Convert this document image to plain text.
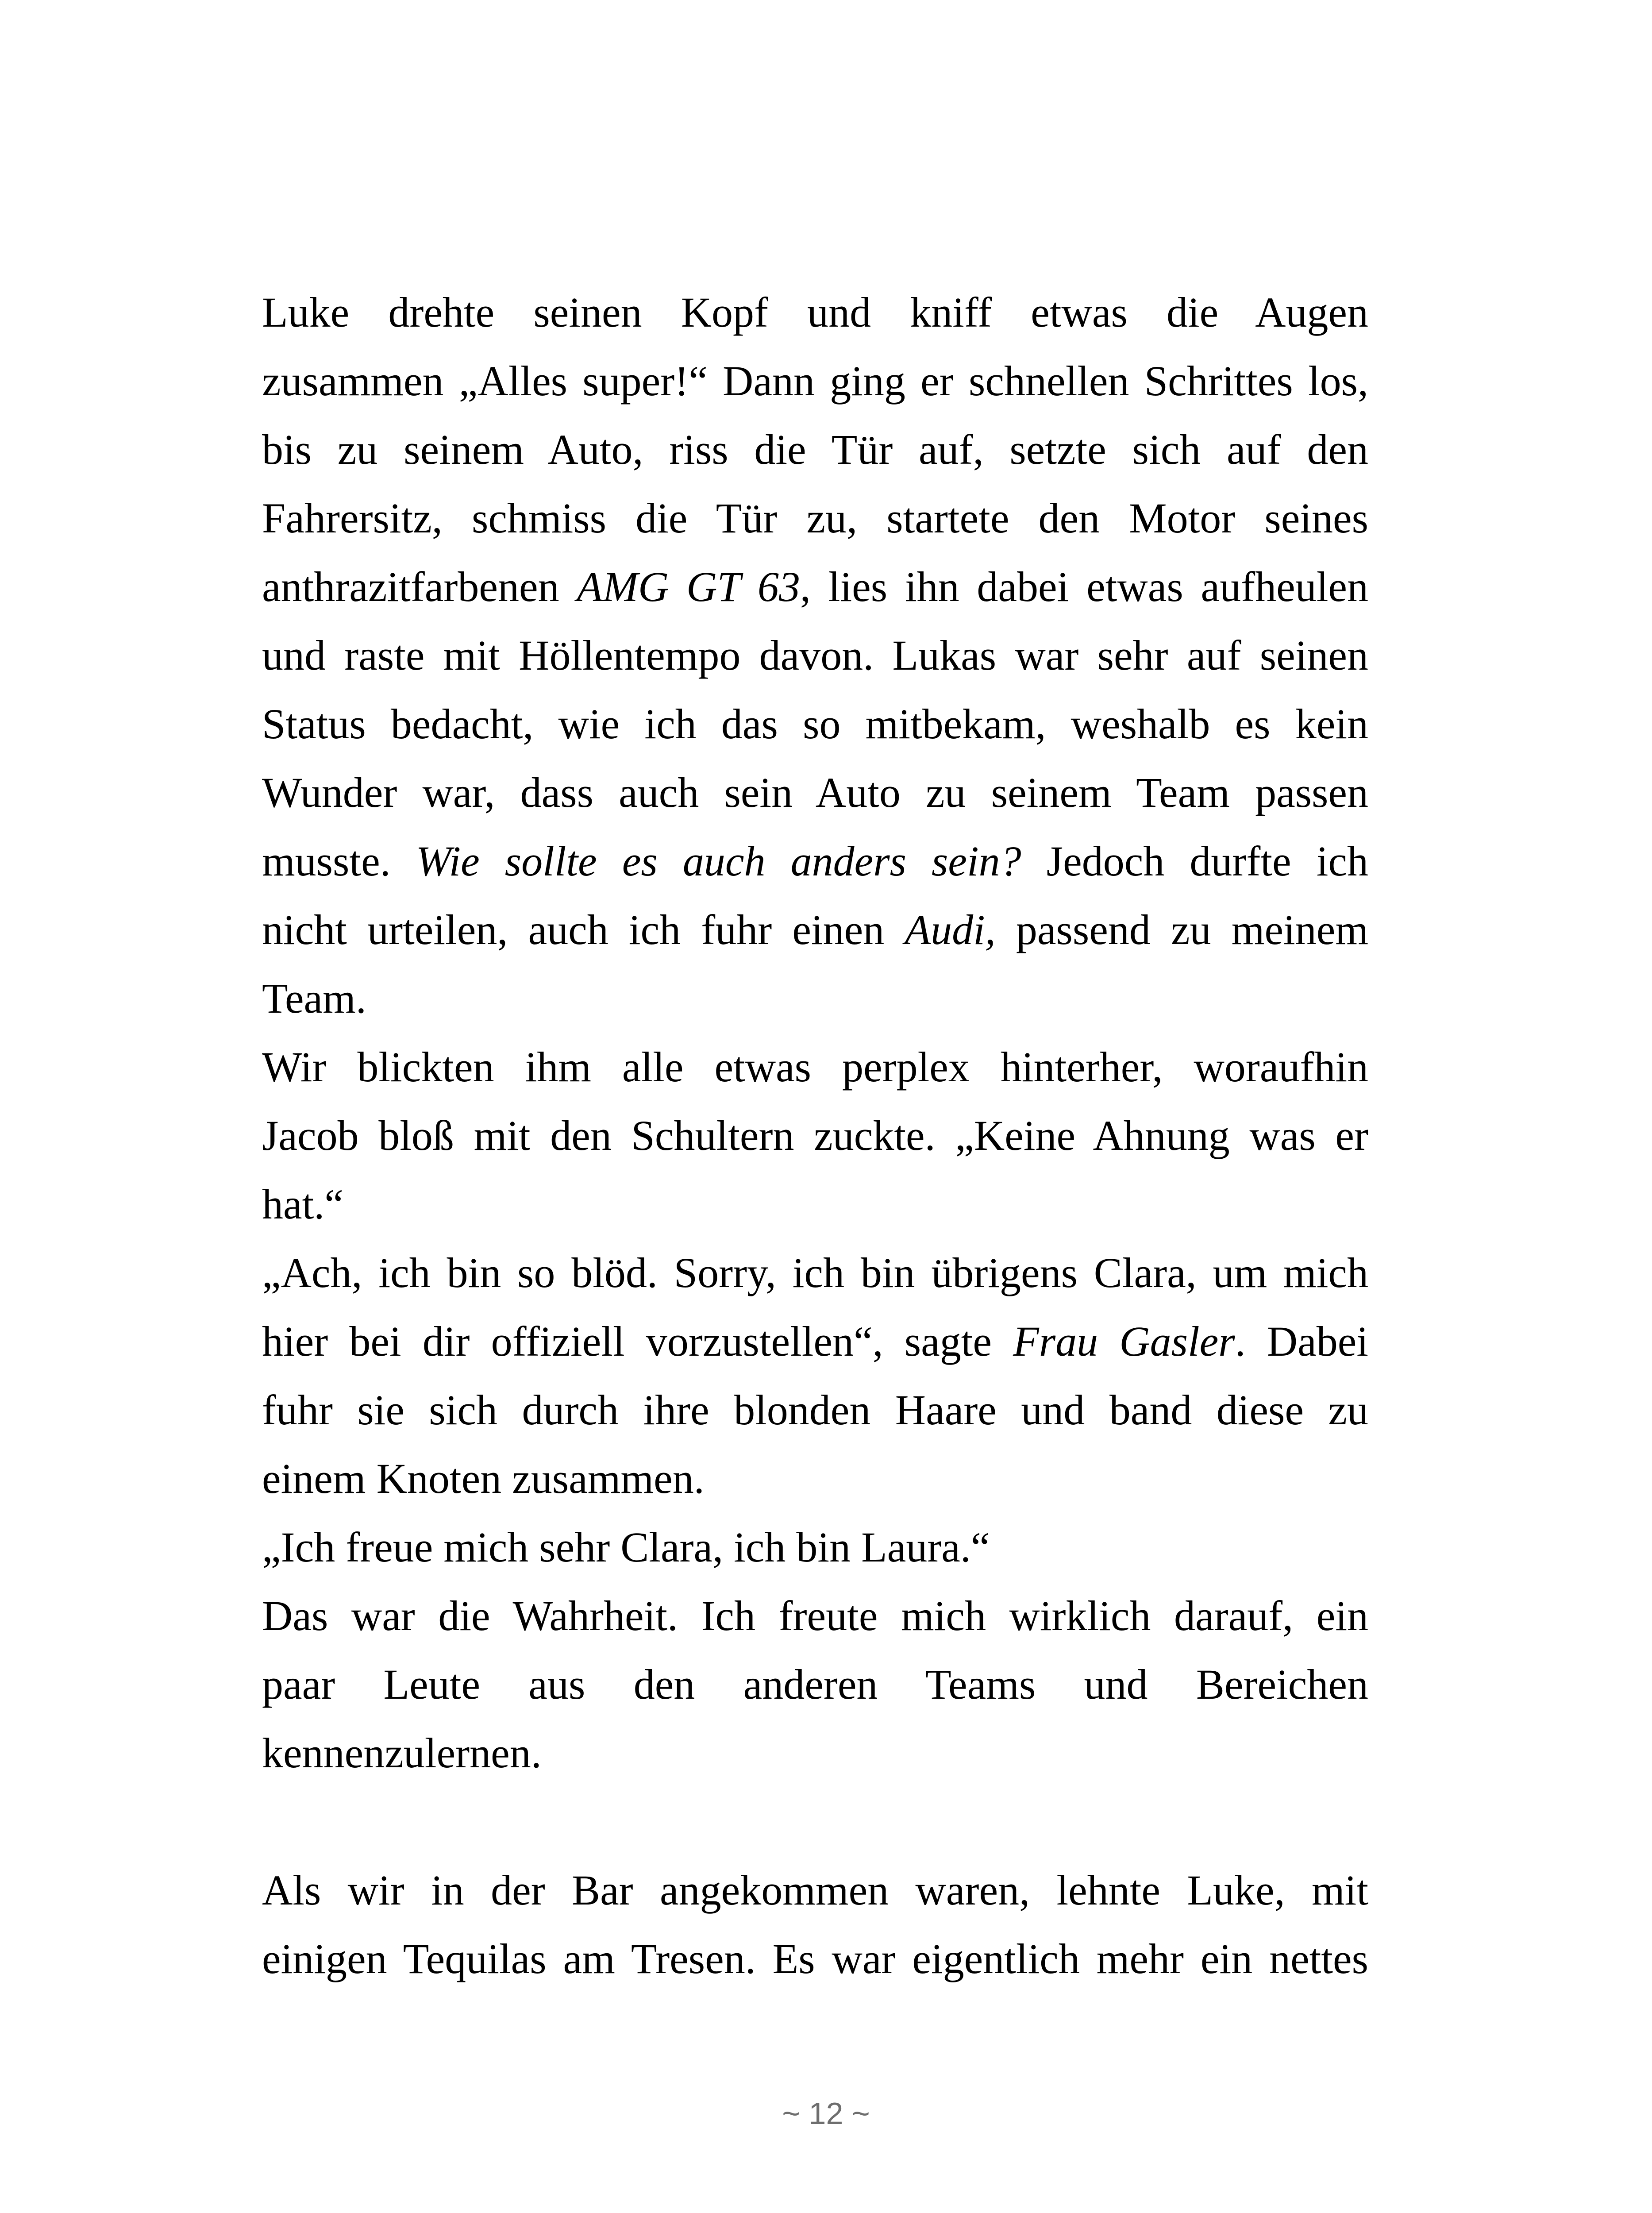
Luke drehte seinen Kopf und kniff etwas die Augen
zusammen „Alles super!“ Dann ging er schnellen Schrittes los,
bis zu seinem Auto, riss die Tür auf, setzte sich auf den
Fahrersitz, schmiss die Tür zu, startete den Motor seines
anthrazitfarbenen AMG GT 63, lies ihn dabei etwas aufheulen
und raste mit Höllentempo davon. Lukas war sehr auf seinen
Status bedacht, wie ich das so mitbekam, weshalb es kein
Wunder war, dass auch sein Auto zu seinem Team passen
musste. Wie sollte es auch anders sein? Jedoch durfte ich
nicht urteilen, auch ich fuhr einen Audi, passend zu meinem
Team.
Wir blickten ihm alle etwas perplex hinterher, woraufhin
Jacob bloß mit den Schultern zuckte. „Keine Ahnung was er
hat.“
„Ach, ich bin so blöd. Sorry, ich bin übrigens Clara, um mich
hier bei dir offiziell vorzustellen“, sagte Frau Gasler. Dabei
fuhr sie sich durch ihre blonden Haare und band diese zu
einem Knoten zusammen.
„Ich freue mich sehr Clara, ich bin Laura.“
Das war die Wahrheit. Ich freute mich wirklich darauf, ein
paar Leute aus den anderen Teams und Bereichen
kennenzulernen.
Als wir in der Bar angekommen waren, lehnte Luke, mit
einigen Tequilas am Tresen. Es war eigentlich mehr ein nettes
~ 12 ~
